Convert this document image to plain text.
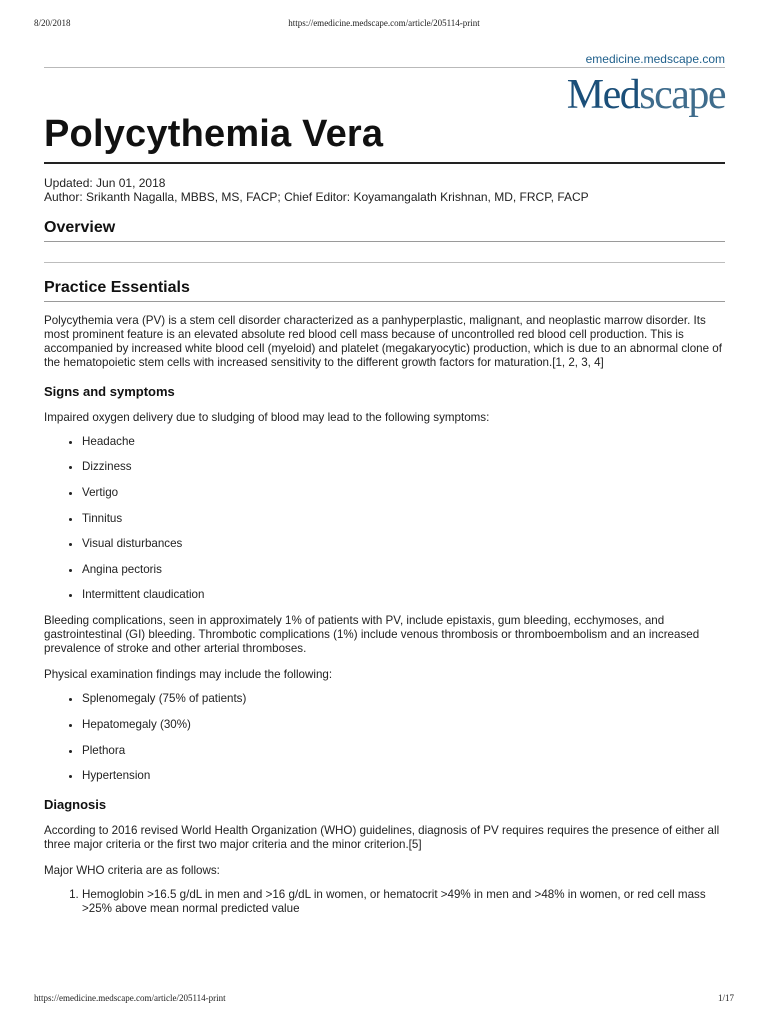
8/20/2018	https://emedicine.medscape.com/article/205114-print
emedicine.medscape.com
Medscape
Polycythemia Vera
Updated: Jun 01, 2018
Author: Srikanth Nagalla, MBBS, MS, FACP; Chief Editor: Koyamangalath Krishnan, MD, FRCP, FACP
Overview
Practice Essentials

Polycythemia vera (PV) is a stem cell disorder characterized as a panhyperplastic, malignant, and neoplastic marrow disorder. Its most prominent feature is an elevated absolute red blood cell mass because of uncontrolled red blood cell production. This is accompanied by increased white blood cell (myeloid) and platelet (megakaryocytic) production, which is due to an abnormal clone of the hematopoietic stem cells with increased sensitivity to the different growth factors for maturation.[1, 2, 3, 4]

Signs and symptoms

Impaired oxygen delivery due to sludging of blood may lead to the following symptoms:

• Headache
• Dizziness
• Vertigo
• Tinnitus
• Visual disturbances
• Angina pectoris
• Intermittent claudication

Bleeding complications, seen in approximately 1% of patients with PV, include epistaxis, gum bleeding, ecchymoses, and gastrointestinal (GI) bleeding. Thrombotic complications (1%) include venous thrombosis or thromboembolism and an increased prevalence of stroke and other arterial thromboses.

Physical examination findings may include the following:

• Splenomegaly (75% of patients)
• Hepatomegaly (30%)
• Plethora
• Hypertension
Diagnosis

According to 2016 revised World Health Organization (WHO) guidelines, diagnosis of PV requires requires the presence of either all three major criteria or the first two major criteria and the minor criterion.[5]

Major WHO criteria are as follows:

1. Hemoglobin >16.5 g/dL in men and >16 g/dL in women, or hematocrit >49% in men and >48% in women, or red cell mass >25% above mean normal predicted value
https://emedicine.medscape.com/article/205114-print	1/17
